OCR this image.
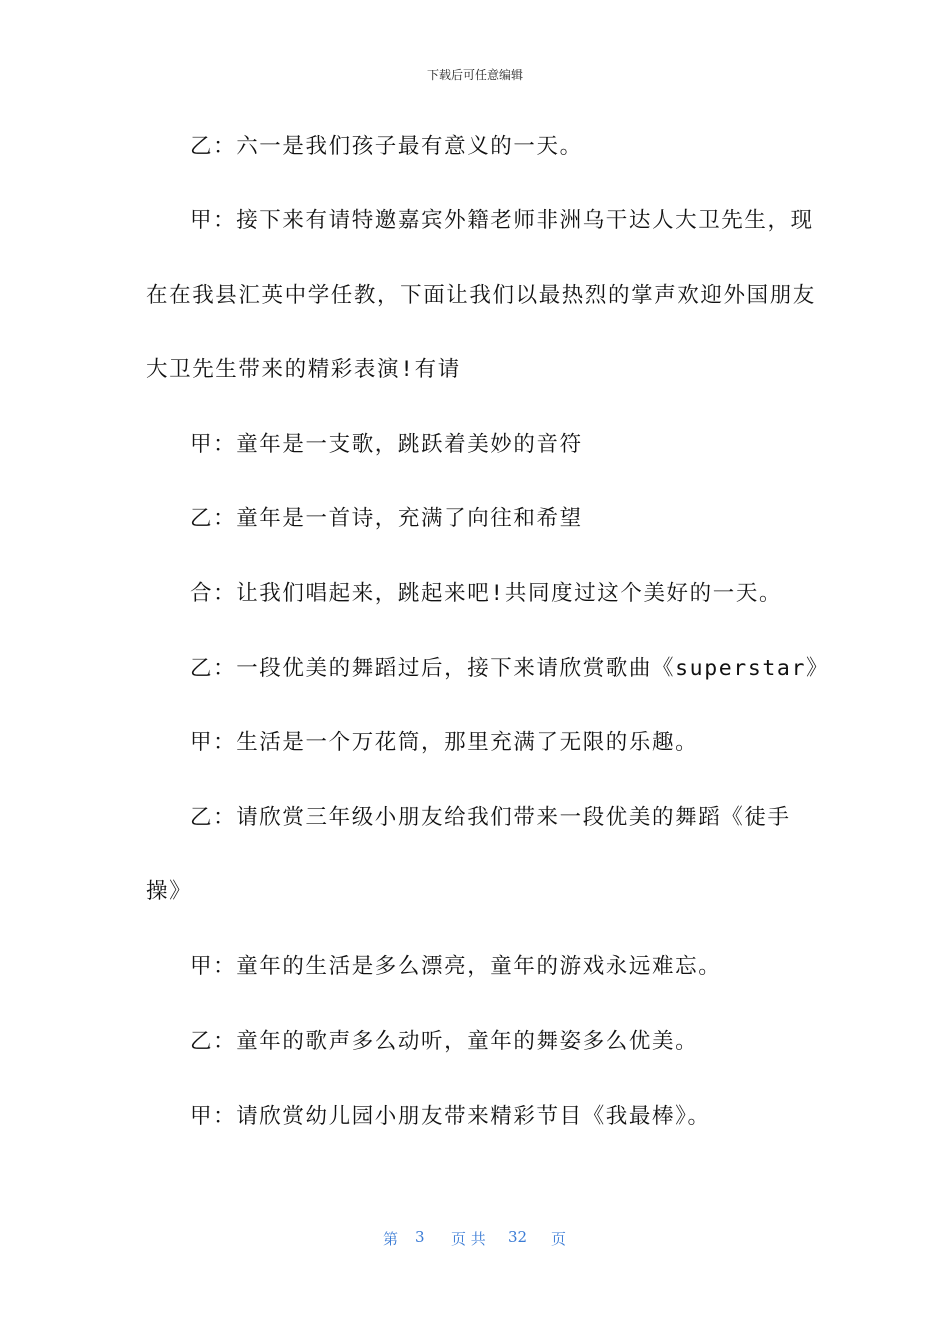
下载后可任意编辑
乙：六一是我们孩子最有意义的一天。
甲：接下来有请特邀嘉宾外籍老师非洲乌干达人大卫先生，现
在在我县汇英中学任教，下面让我们以最热烈的掌声欢迎外国朋友
大卫先生带来的精彩表演!有请
甲：童年是一支歌，跳跃着美妙的音符
乙：童年是一首诗，充满了向往和希望
合：让我们唱起来，跳起来吧!共同度过这个美好的一天。
乙：一段优美的舞蹈过后，接下来请欣赏歌曲《superstar》
甲：生活是一个万花筒，那里充满了无限的乐趣。
乙：请欣赏三年级小朋友给我们带来一段优美的舞蹈《徒手
操》
甲：童年的生活是多么漂亮，童年的游戏永远难忘。
乙：童年的歌声多么动听，童年的舞姿多么优美。
甲：请欣赏幼儿园小朋友带来精彩节目《我最棒》。
第 3 页 共 32 页
